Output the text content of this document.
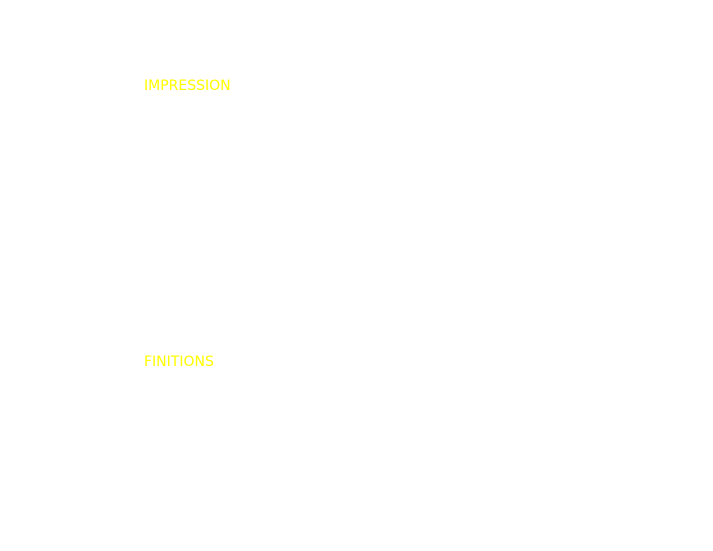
IMPRESSION
FINITIONS
